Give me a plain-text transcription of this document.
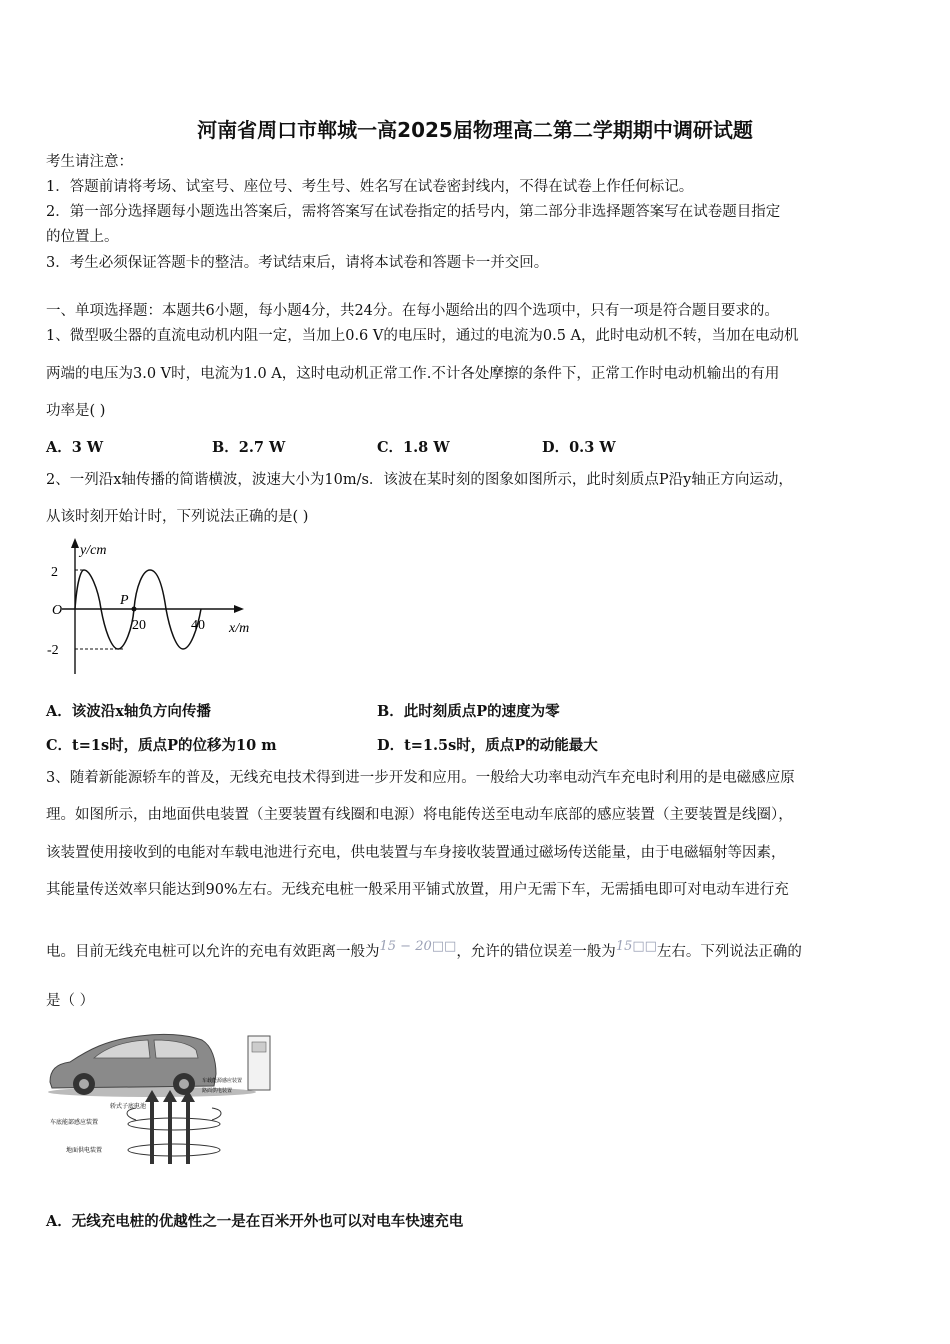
河南省周口市郸城一高2025届物理高二第二学期期中调研试题
考生请注意：
1．答题前请将考场、试室号、座位号、考生号、姓名写在试卷密封线内，不得在试卷上作任何标记。
2．第一部分选择题每小题选出答案后，需将答案写在试卷指定的括号内，第二部分非选择题答案写在试卷题目指定
的位置上。
3．考生必须保证答题卡的整洁。考试结束后，请将本试卷和答题卡一并交回。
一、单项选择题：本题共6小题，每小题4分，共24分。在每小题给出的四个选项中，只有一项是符合题目要求的。
1、微型吸尘器的直流电动机内阻一定，当加上0.6 V的电压时，通过的电流为0.5 A，此时电动机不转，当加在电动机
两端的电压为3.0 V时，电流为1.0 A，这时电动机正常工作.不计各处摩擦的条件下，正常工作时电动机输出的有用
功率是( )
A．3 W	B．2.7 W	C．1.8 W	D．0.3 W
2、一列沿x轴传播的简谐横波，波速大小为10m/s．该波在某时刻的图象如图所示，此时刻质点P沿y轴正方向运动，
从该时刻开始计时，下列说法正确的是( )
y/cm
2
O
-2
P
20	40 x/m
A．该波沿x轴负方向传播	B．此时刻质点P的速度为零
C．t=1s时，质点P的位移为10 m	D．t=1.5s时，质点P的动能最大
3、随着新能源轿车的普及，无线充电技术得到进一步开发和应用。一般给大功率电动汽车充电时利用的是电磁感应原
理。如图所示，由地面供电装置（主要装置有线圈和电源）将电能传送至电动车底部的感应装置（主要装置是线圈），
该装置使用接收到的电能对车载电池进行充电，供电装置与车身接收装置通过磁场传送能量，由于电磁辐射等因素，
其能量传送效率只能达到90%左右。无线充电桩一般采用平铺式放置，用户无需下车，无需插电即可对电动车进行充
电。目前无线充电桩可以允许的充电有效距离一般为15 − 20□□，允许的错位误差一般为15□□左右。下列说法正确的
是（ ）
车载能源感应装置
路面供电装置
轿式子底电池
车底能部感应装置
地面供电装置
A．无线充电桩的优越性之一是在百米开外也可以对电车快速充电
